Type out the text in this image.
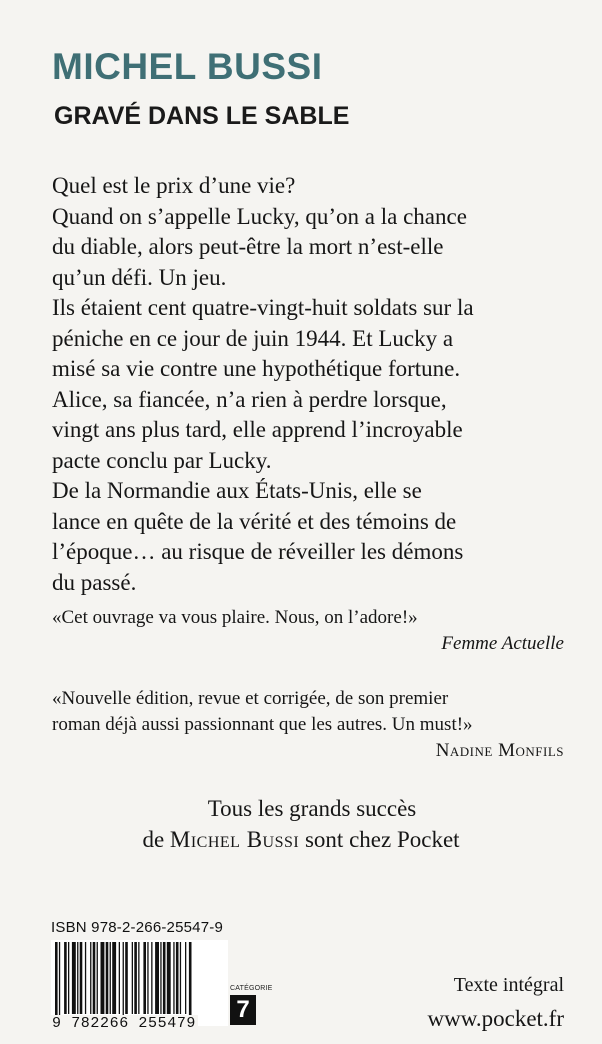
MICHEL BUSSI
GRAVÉ DANS LE SABLE

Quel est le prix d’une vie?

Quand on s’appelle Lucky, qu’on a la chance

du diable, alors peut-être la mort n’est-elle

qu’un défi. Un jeu.

Ils étaient cent quatre-vingt-huit soldats sur la

péniche en ce jour de juin 1944. Et Lucky a

misé sa vie contre une hypothétique fortune.

Alice, sa fiancée, n’a rien à perdre lorsque,

vingt ans plus tard, elle apprend l’incroyable

pacte conclu par Lucky.

De la Normandie aux États-Unis, elle se

lance en quête de la vérité et des témoins de

l’époque… au risque de réveiller les démons

du passé.

«Cet ouvrage va vous plaire. Nous, on l’adore!»

Femme Actuelle

«Nouvelle édition, revue et corrigée, de son premier

roman déjà aussi passionnant que les autres. Un must!»

Nadine Monfils

Tous les grands succès

de Michel Bussi sont chez Pocket

ISBN 978-2-266-25547-9
9 782266 255479
CATÉGORIE
7
Texte intégral
www.pocket.fr
